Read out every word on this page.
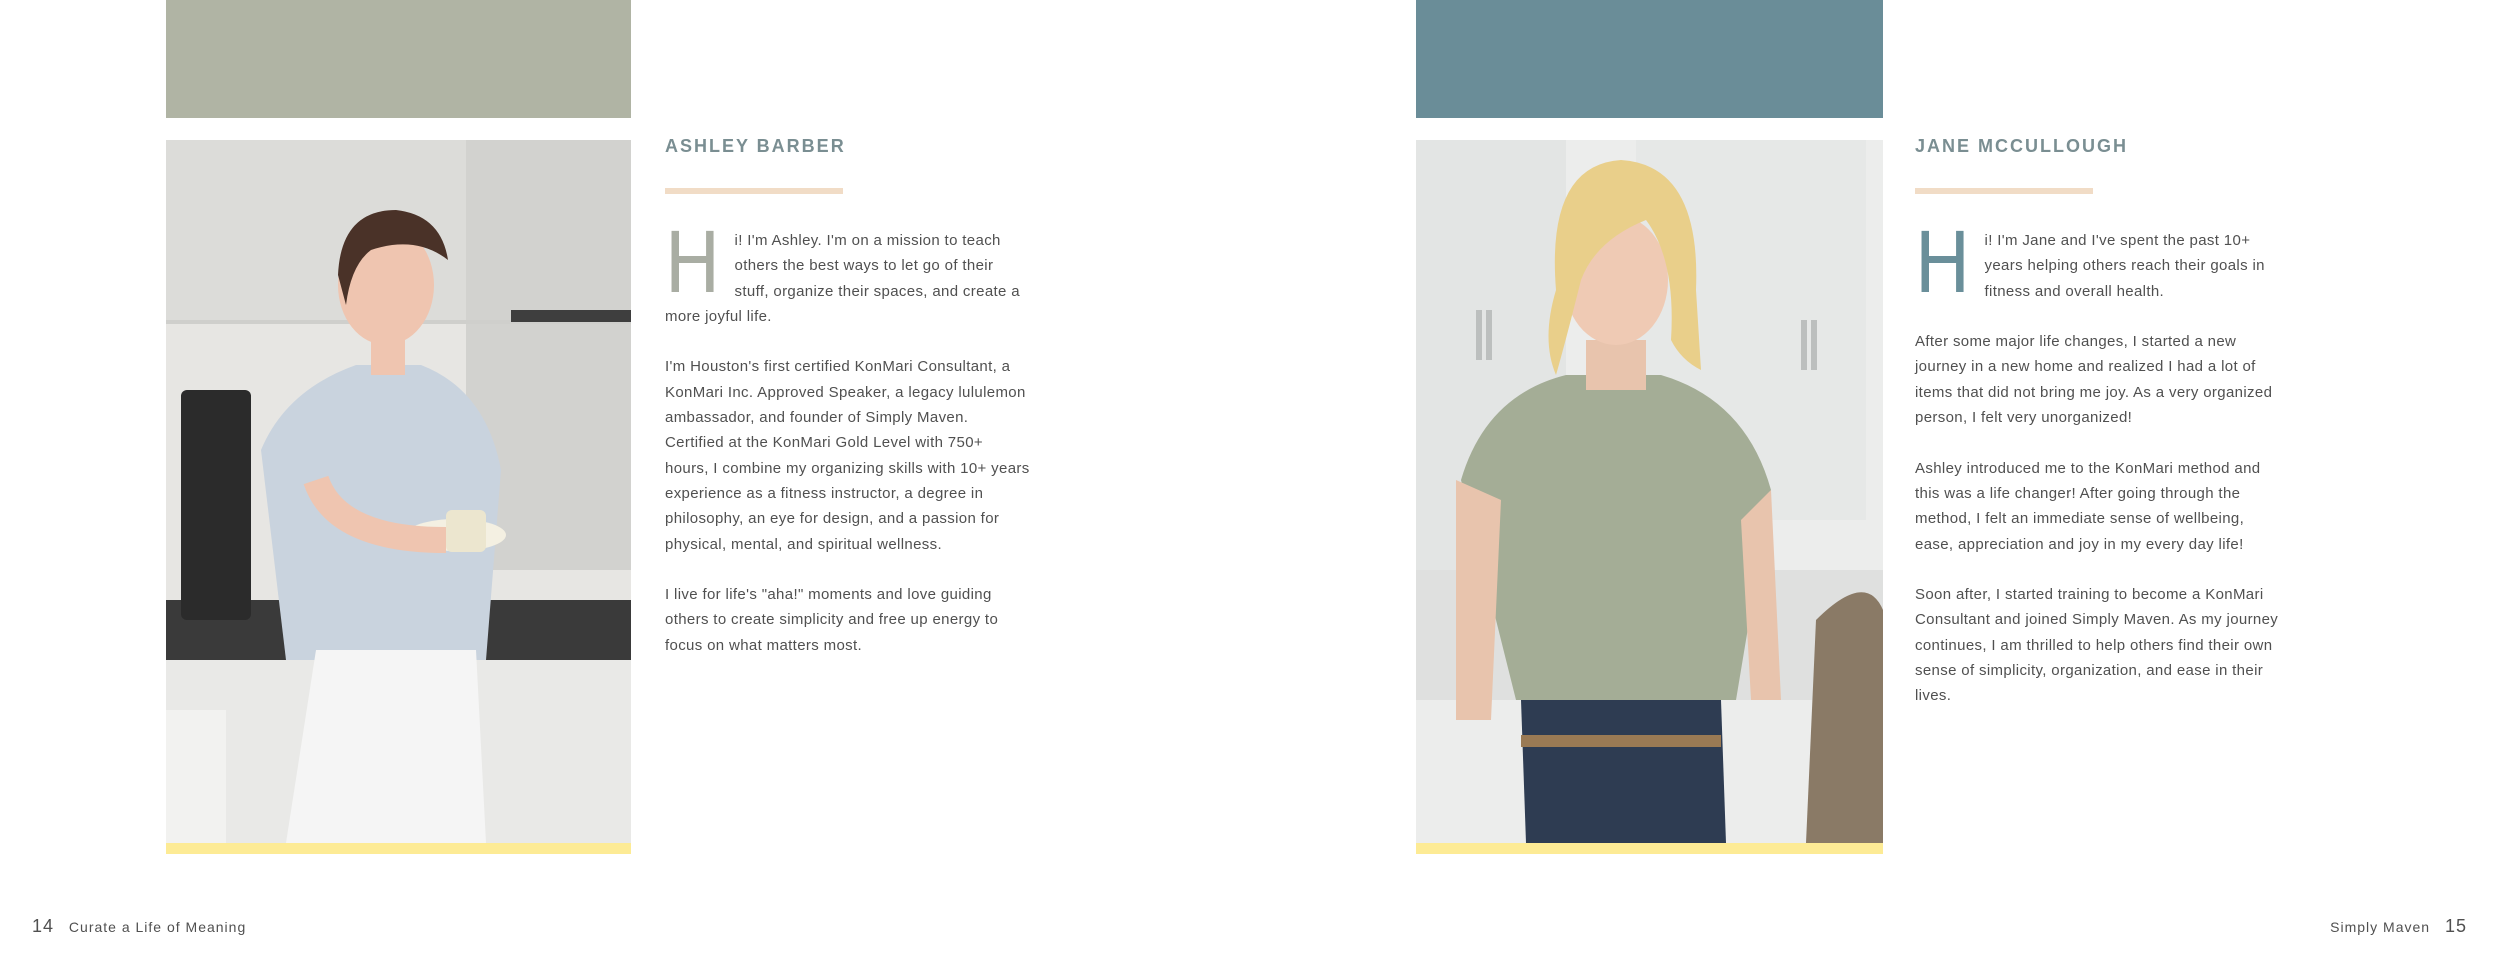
ASHLEY BARBER

Hi! I'm Ashley. I'm on a mission to teach others the best ways to let go of their stuff, organize their spaces, and create a more joyful life.

I'm Houston's first certified KonMari Consultant, a KonMari Inc. Approved Speaker, a legacy lululemon ambassador, and founder of Simply Maven. Certified at the KonMari Gold Level with 750+ hours, I combine my organizing skills with 10+ years experience as a fitness instructor, a degree in philosophy, an eye for design, and a passion for physical, mental, and spiritual wellness.

I live for life's "aha!" moments and love guiding others to create simplicity and free up energy to focus on what matters most.

14 Curate a Life of Meaning
JANE MCCULLOUGH

Hi! I'm Jane and I've spent the past 10+ years helping others reach their goals in fitness and overall health.

After some major life changes, I started a new journey in a new home and realized I had a lot of items that did not bring me joy. As a very organized person, I felt very unorganized!

Ashley introduced me to the KonMari method and this was a life changer! After going through the method, I felt an immediate sense of wellbeing, ease, appreciation and joy in my every day life!

Soon after, I started training to become a KonMari Consultant and joined Simply Maven. As my journey continues, I am thrilled to help others find their own sense of simplicity, organization, and ease in their lives.

Simply Maven 15
